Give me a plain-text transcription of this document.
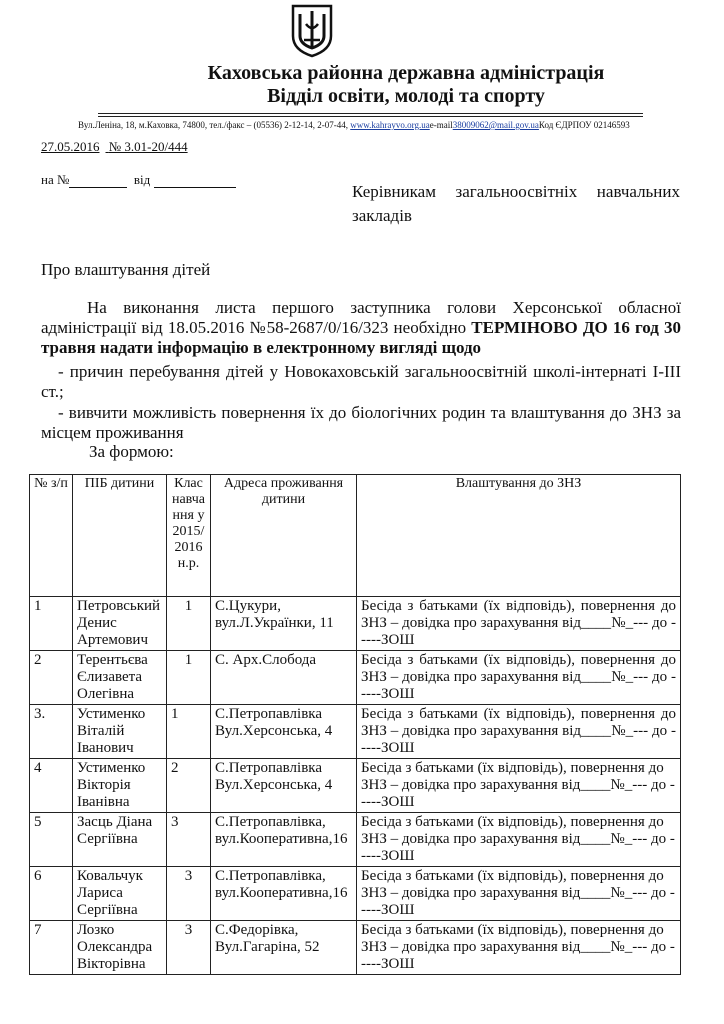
Каховська районна державна адміністрація
Відділ освіти, молоді та спорту
Вул.Леніна, 18, м.Каховка, 74800, тел./факс – (05536) 2-12-14, 2-07-44, www.kahrayvo.org.uaе-mail38009062@mail.gov.uaКод ЄДРПОУ 02146593
27.05.2016 № 3.01-20/444
на №	від
Керівникам загальноосвітніх навчальних закладів
Про влаштування дітей
На виконання листа першого заступника голови Херсонської обласної адміністрації від 18.05.2016 №58-2687/0/16/323 необхідно ТЕРМІНОВО ДО 16 год 30 травня надати інформацію в електронному вигляді щодо
- причин перебування дітей у Новокаховській загальноосвітній школі-інтернаті І-ІІІ ст.;
- вивчити можливість повернення їх до біологічних родин та влаштування до ЗНЗ за місцем проживання
За формою:
№ з/п	ПІБ дитини	Клас навчання у 2015/2016 н.р.	Адреса проживання дитини	Влаштування до ЗНЗ
1	Петровський Денис Артемович	1	С.Цукури, вул.Л.Українки, 11	Бесіда з батьками (їх відповідь), повернення до ЗНЗ – довідка про зарахування від____№_--- до -----ЗОШ
2	Терентьєва Єлизавета Олегівна	1	С. Арх.Слобода	Бесіда з батьками (їх відповідь), повернення до ЗНЗ – довідка про зарахування від____№_--- до -----ЗОШ
3.	Устименко Віталій Іванович	1	С.Петропавлівка Вул.Херсонська, 4	Бесіда з батьками (їх відповідь), повернення до ЗНЗ – довідка про зарахування від____№_--- до -----ЗОШ
4	Устименко Вікторія Іванівна	2	С.Петропавлівка Вул.Херсонська, 4	Бесіда з батьками (їх відповідь), повернення до ЗНЗ – довідка про зарахування від____№_--- до -----ЗОШ
5	Засць Діана Сергіївна	3	С.Петропавлівка, вул.Кооперативна,16	Бесіда з батьками (їх відповідь), повернення до ЗНЗ – довідка про зарахування від____№_--- до -----ЗОШ
6	Ковальчук Лариса Сергіївна	3	С.Петропавлівка, вул.Кооперативна,16	Бесіда з батьками (їх відповідь), повернення до ЗНЗ – довідка про зарахування від____№_--- до -----ЗОШ
7	Лозко Олександра Вікторівна	3	С.Федорівка, Вул.Гагаріна, 52	Бесіда з батьками (їх відповідь), повернення до ЗНЗ – довідка про зарахування від____№_--- до -----ЗОШ
